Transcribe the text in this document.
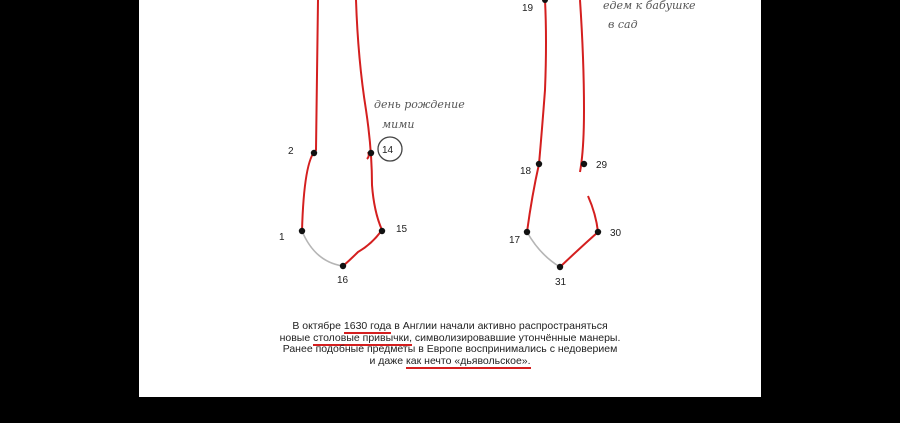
2	14
1
15
16
день рождение
мими
19
18
29
17
30
31
едем к бабушке
в сад
В октябре 1630 года в Англии начали активно распространяться
новые столовые привычки, символизировавшие утончённые манеры.
Ранее подобные предметы в Европе воспринимались с недоверием
и даже как нечто «дьявольское».
